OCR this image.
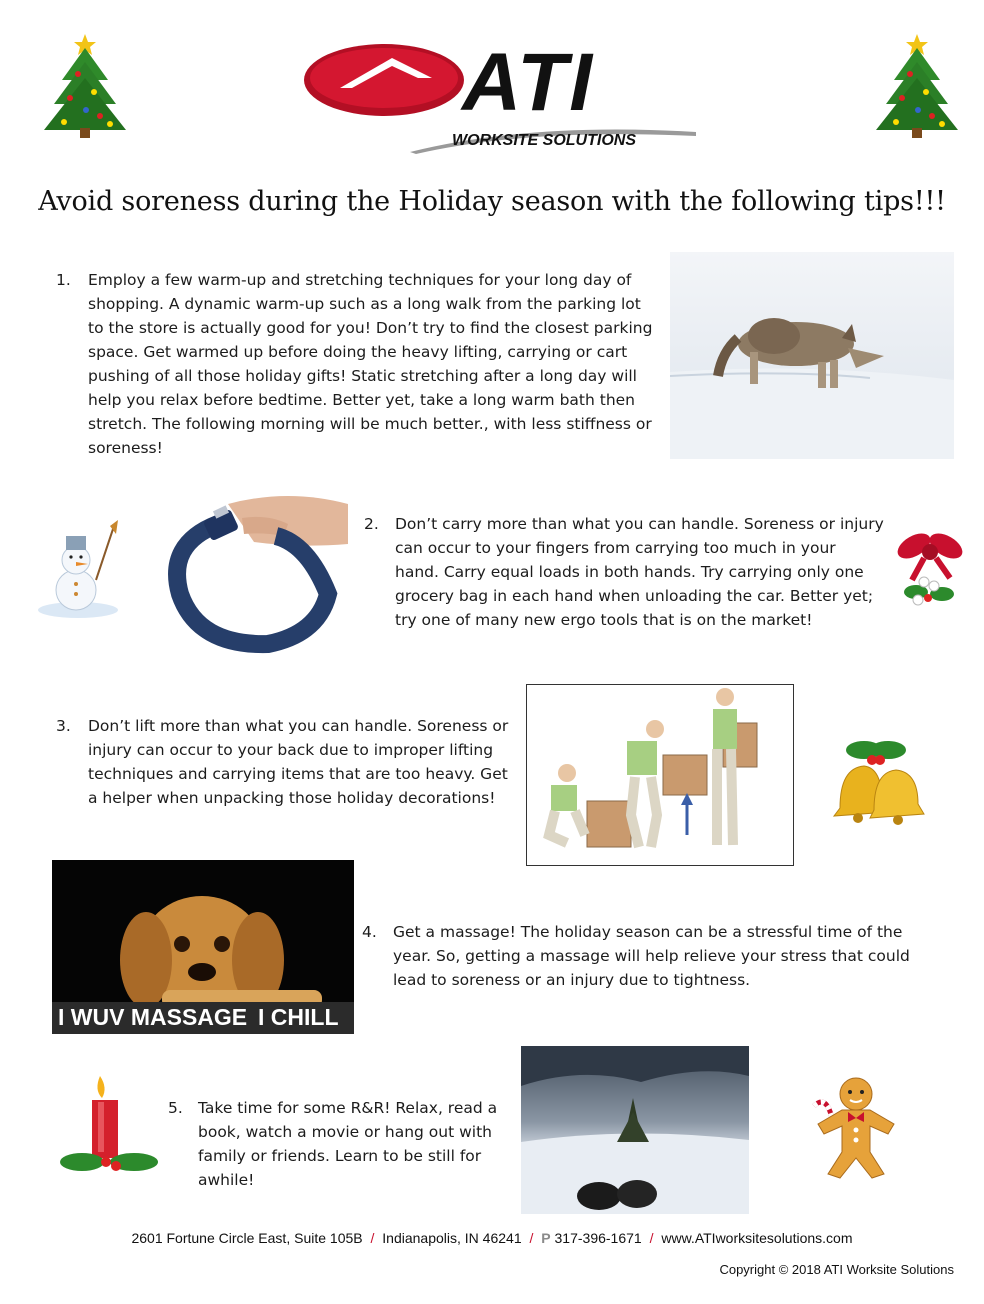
ATI
WORKSITE SOLUTIONS
Avoid soreness during the Holiday season with the following tips!!!
1. Employ a few warm-up and stretching techniques for your long day of shopping. A dynamic warm-up such as a long walk from the parking lot to the store is actually good for you! Don’t try to find the closest parking space. Get warmed up before doing the heavy lifting, carrying or cart pushing of all those holiday gifts! Static stretching after a long day will help you relax before bedtime. Better yet, take a long warm bath then stretch. The following morning will be much better., with less stiffness or soreness!
2. Don’t carry more than what you can handle. Soreness or injury can occur to your fingers from carrying too much in your hand. Carry equal loads in both hands. Try carrying only one grocery bag in each hand when unloading the car. Better yet; try one of many new ergo tools that is on the market!
3. Don’t lift more than what you can handle. Soreness or injury can occur to your back due to improper lifting techniques and carrying items that are too heavy. Get a helper when unpacking those holiday decorations!
I WUV MASSAGE I CHILL
4. Get a massage! The holiday season can be a stressful time of the year. So, getting a massage will help relieve your stress that could lead to soreness or an injury due to tightness.
5. Take time for some R&R! Relax, read a book, watch a movie or hang out with family or friends. Learn to be still for awhile!
2601 Fortune Circle East, Suite 105B / Indianapolis, IN 46241 / P 317-396-1671 / www.ATIworksitesolutions.com
Copyright © 2018 ATI Worksite Solutions
